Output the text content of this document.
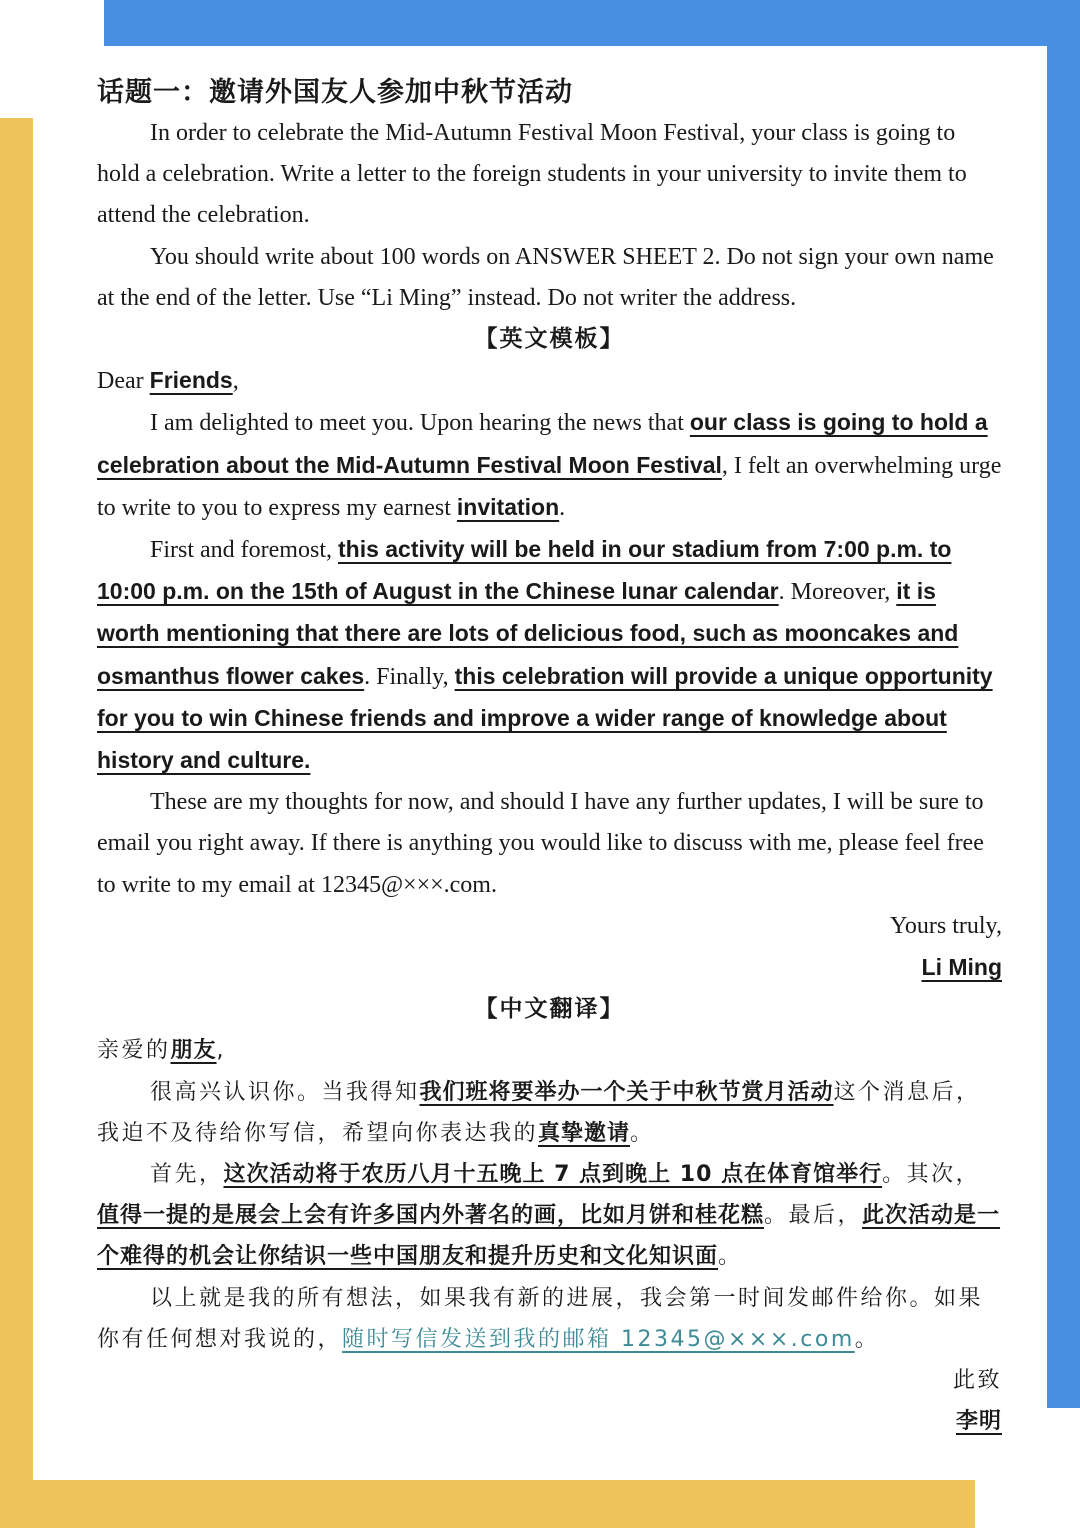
话题一：邀请外国友人参加中秋节活动

In order to celebrate the Mid-Autumn Festival Moon Festival, your class is going to hold a celebration. Write a letter to the foreign students in your university to invite them to attend the celebration.

You should write about 100 words on ANSWER SHEET 2. Do not sign your own name at the end of the letter. Use “Li Ming” instead. Do not writer the address.

【英文模板】

Dear Friends,

I am delighted to meet you. Upon hearing the news that our class is going to hold a celebration about the Mid-Autumn Festival Moon Festival, I felt an overwhelming urge to write to you to express my earnest invitation.

First and foremost, this activity will be held in our stadium from 7:00 p.m. to 10:00 p.m. on the 15th of August in the Chinese lunar calendar. Moreover, it is worth mentioning that there are lots of delicious food, such as mooncakes and osmanthus flower cakes. Finally, this celebration will provide a unique opportunity for you to win Chinese friends and improve a wider range of knowledge about history and culture.

These are my thoughts for now, and should I have any further updates, I will be sure to email you right away. If there is anything you would like to discuss with me, please feel free to write to my email at 12345@×××.com.

Yours truly,

Li Ming

【中文翻译】

亲爱的朋友,

很高兴认识你。当我得知我们班将要举办一个关于中秋节赏月活动这个消息后，我迫不及待给你写信，希望向你表达我的真挚邀请。

首先，这次活动将于农历八月十五晚上 7 点到晚上 10 点在体育馆举行。其次，值得一提的是展会上会有许多国内外著名的画，比如月饼和桂花糕。最后，此次活动是一个难得的机会让你结识一些中国朋友和提升历史和文化知识面。

以上就是我的所有想法，如果我有新的进展，我会第一时间发邮件给你。如果你有任何想对我说的，随时写信发送到我的邮箱 12345@×××.com。

此致

李明
